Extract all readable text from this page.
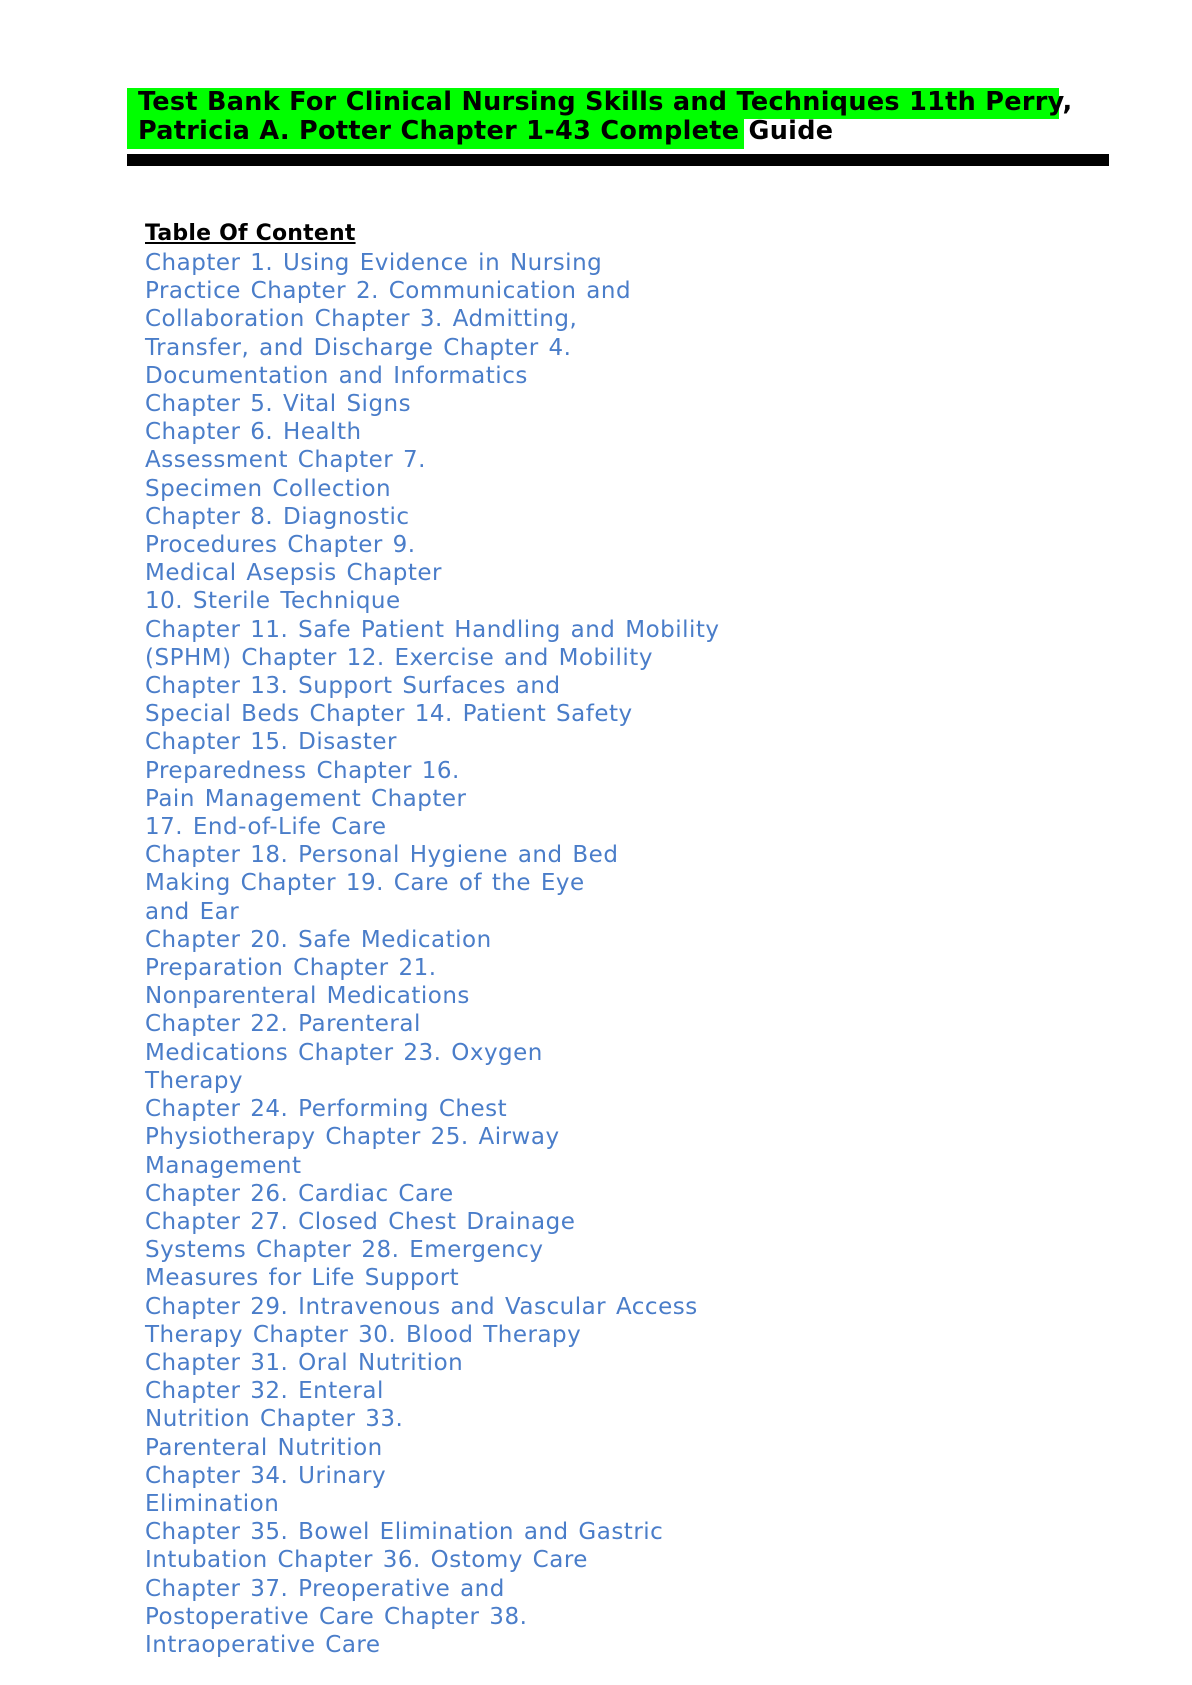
Test Bank For Clinical Nursing Skills and Techniques 11th Perry, Patricia A. Potter Chapter 1-43 Complete Guide

Table Of Content

Chapter 1. Using Evidence in Nursing
Practice Chapter 2. Communication and
Collaboration Chapter 3. Admitting,
Transfer, and Discharge Chapter 4.
Documentation and Informatics
Chapter 5. Vital Signs
Chapter 6. Health
Assessment Chapter 7.
Specimen Collection
Chapter 8. Diagnostic
Procedures Chapter 9.
Medical Asepsis Chapter
10. Sterile Technique
Chapter 11. Safe Patient Handling and Mobility
(SPHM) Chapter 12. Exercise and Mobility
Chapter 13. Support Surfaces and
Special Beds Chapter 14. Patient Safety
Chapter 15. Disaster
Preparedness Chapter 16.
Pain Management Chapter
17. End-of-Life Care
Chapter 18. Personal Hygiene and Bed
Making Chapter 19. Care of the Eye
and Ear
Chapter 20. Safe Medication
Preparation Chapter 21.
Nonparenteral Medications
Chapter 22. Parenteral
Medications Chapter 23. Oxygen
Therapy
Chapter 24. Performing Chest
Physiotherapy Chapter 25. Airway
Management
Chapter 26. Cardiac Care
Chapter 27. Closed Chest Drainage
Systems Chapter 28. Emergency
Measures for Life Support
Chapter 29. Intravenous and Vascular Access
Therapy Chapter 30. Blood Therapy
Chapter 31. Oral Nutrition
Chapter 32. Enteral
Nutrition Chapter 33.
Parenteral Nutrition
Chapter 34. Urinary
Elimination
Chapter 35. Bowel Elimination and Gastric
Intubation Chapter 36. Ostomy Care
Chapter 37. Preoperative and
Postoperative Care Chapter 38.
Intraoperative Care
